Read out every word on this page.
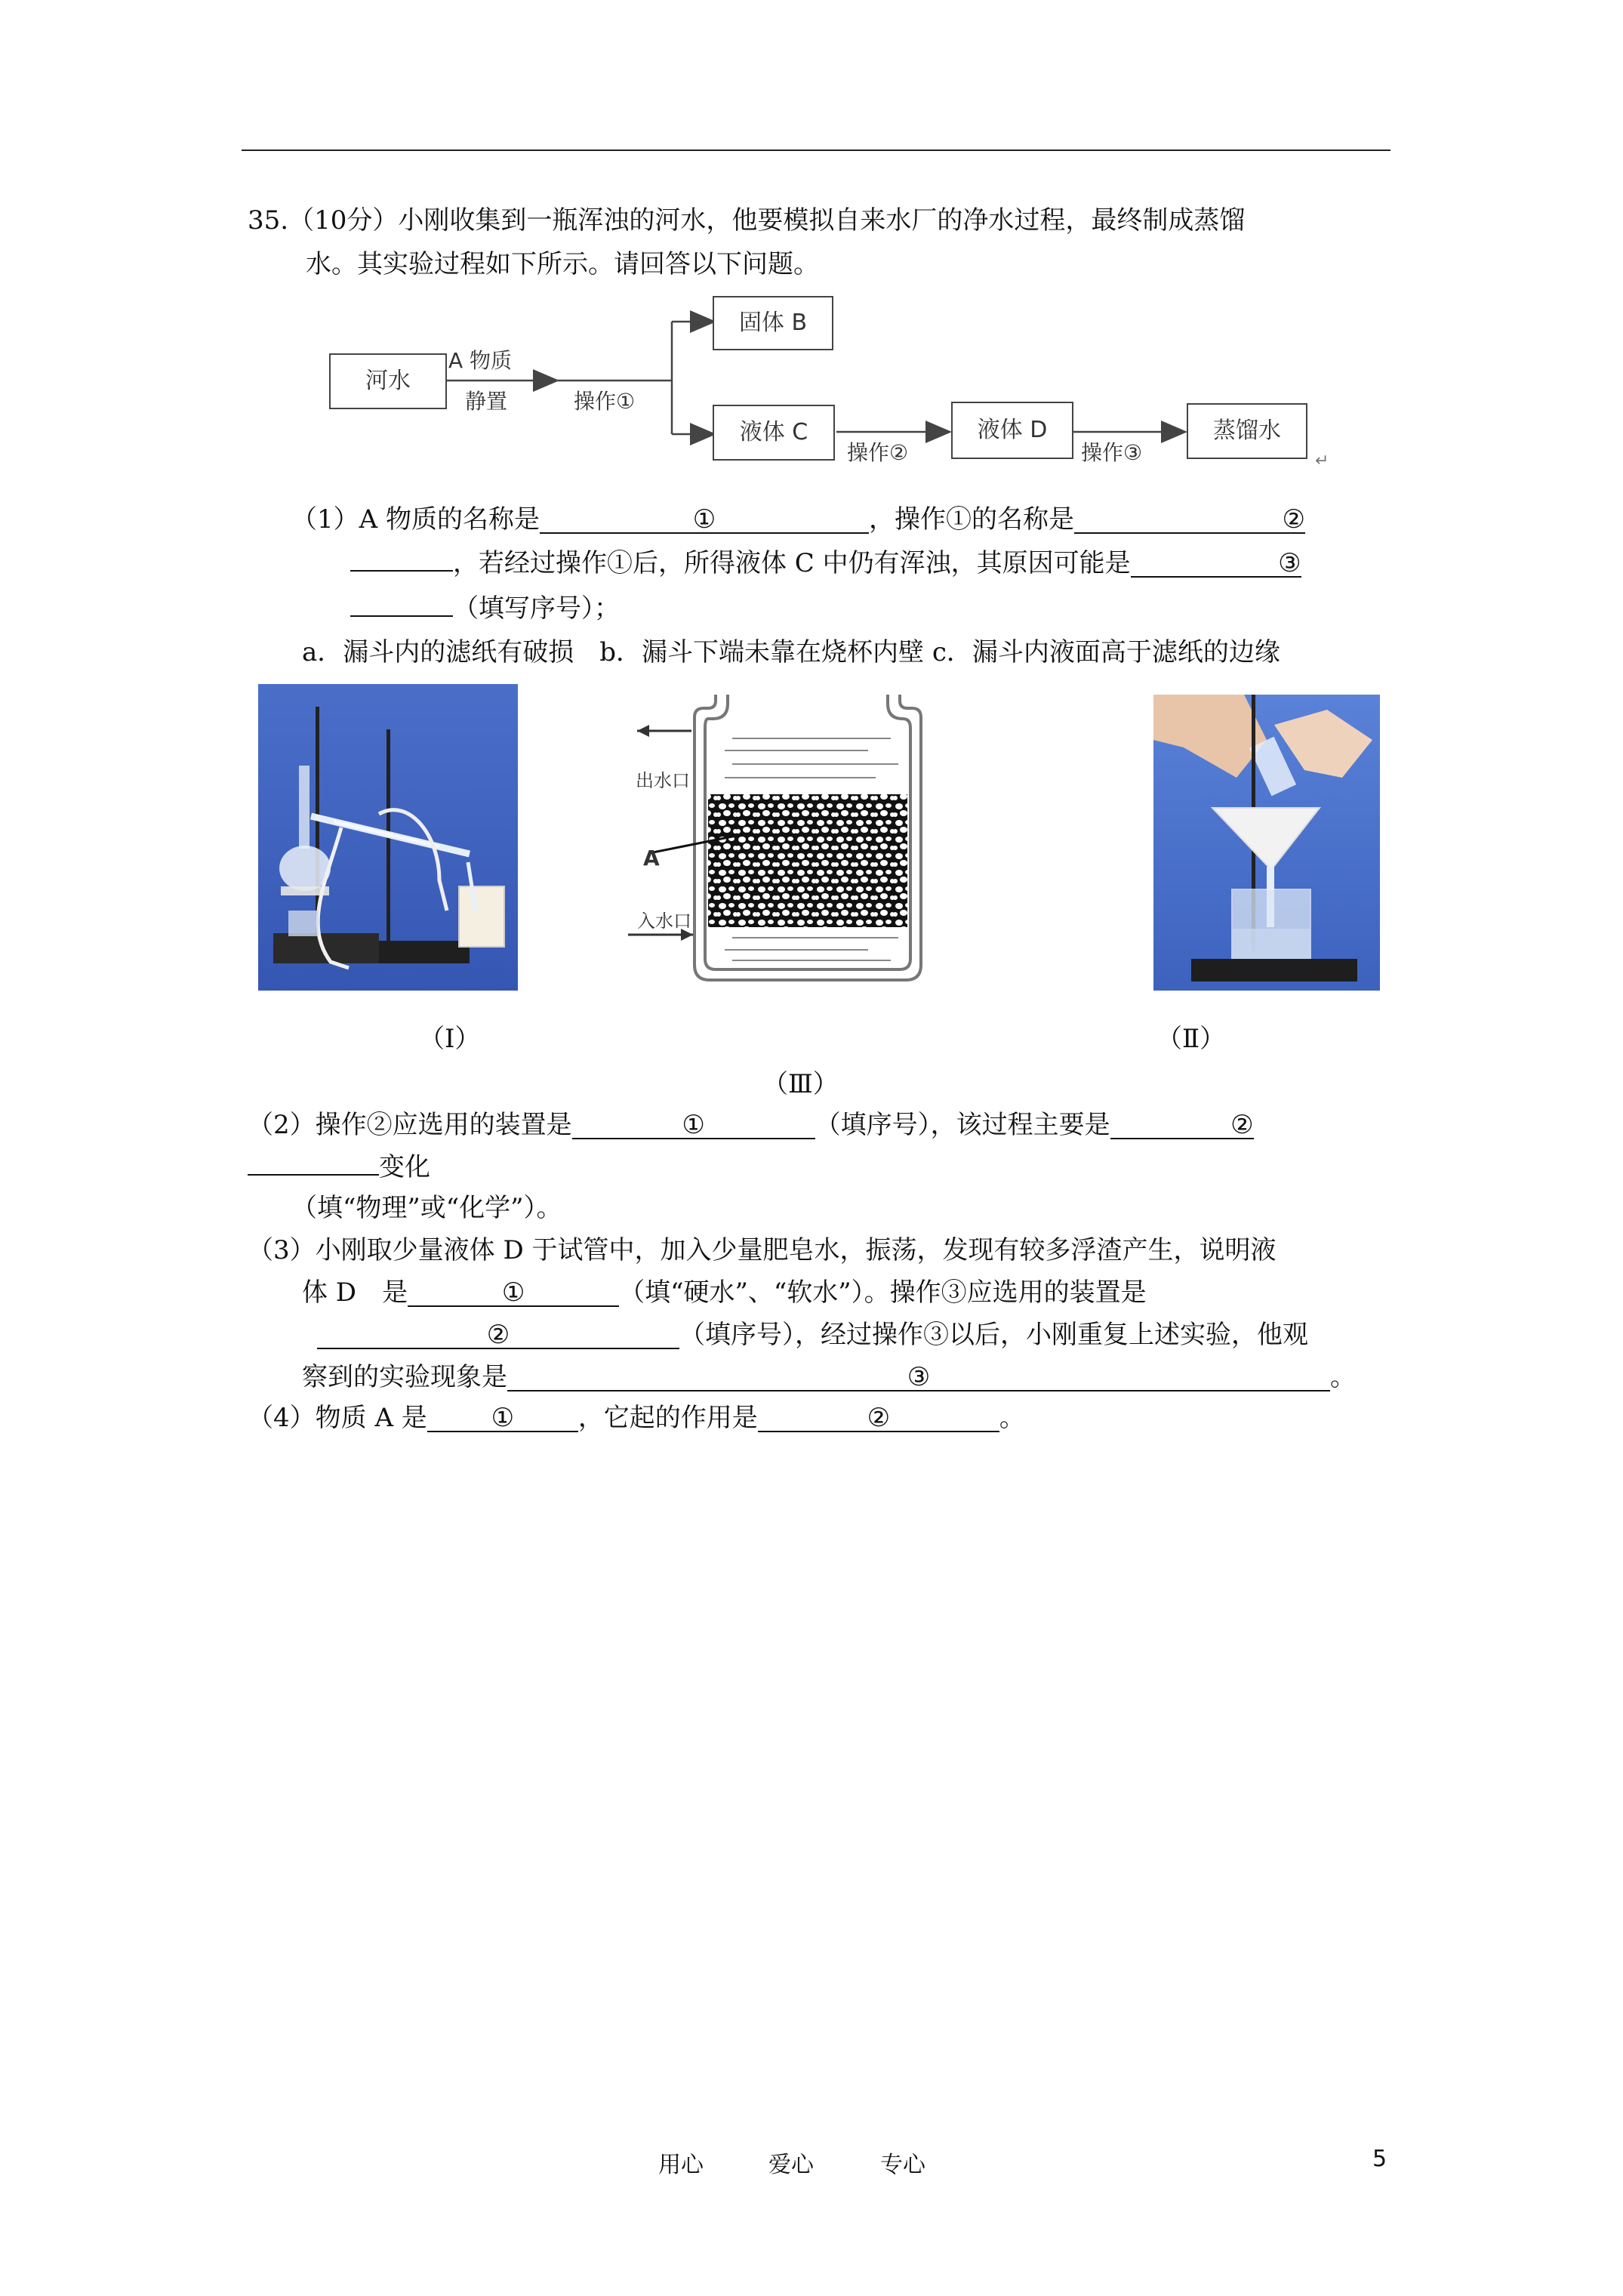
35.（10分）小刚收集到一瓶浑浊的河水，他要模拟自来水厂的净水过程，最终制成蒸馏
水。其实验过程如下所示。请回答以下问题。
河水
A 物质
静置	操作①
固体 B
液体 C
操作②
液体 D
操作③
蒸馏水
↵
（1）A 物质的名称是	①	，操作①的名称是	②
，若经过操作①后，所得液体 C 中仍有浑浊，其原因可能是	③
（填写序号）；
a．漏斗内的滤纸有破损　b．漏斗下端未靠在烧杯内壁 c．漏斗内液面高于滤纸的边缘
出水口
入水口
A
（Ⅰ）	（Ⅱ）
（Ⅲ）
（2）操作②应选用的装置是	①	（填序号），该过程主要是	②
变化
（填“物理”或“化学”）。
（3）小刚取少量液体 D 于试管中，加入少量肥皂水，振荡，发现有较多浮渣产生，说明液
体 D　是	①	（填“硬水”、“软水”）。操作③应选用的装置是
②	（填序号），经过操作③以后，小刚重复上述实验，他观
察到的实验现象是	③	。
（4）物质 A 是 ① ，它起的作用是	②	。
用心	爱心	专心	5
